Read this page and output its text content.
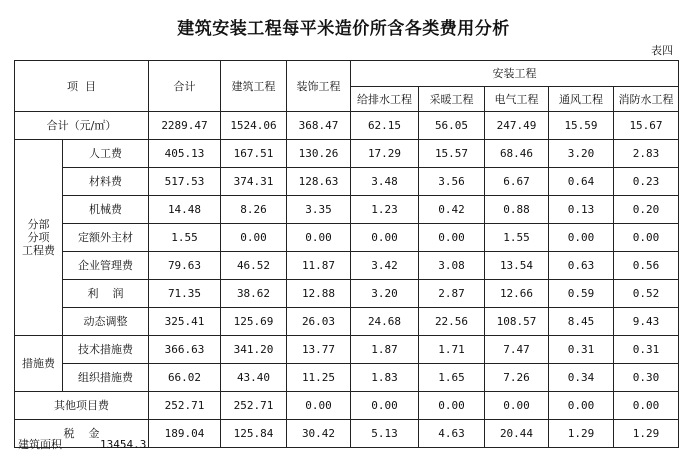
建筑安装工程每平米造价所含各类费用分析
表四
项  目		合计	建筑工程	装饰工程	安装工程				
					给排水工程	采暖工程	电气工程	通风工程	消防水工程
合计（元/㎡）		2289.47	1524.06	368.47	62.15	56.05	247.49	15.59	15.67

分部
分项
工程费	人工费	405.13	167.51	130.26	17.29	15.57	68.46	3.20	2.83
	材料费	517.53	374.31	128.63	3.48	3.56	6.67	0.64	0.23
	机械费	14.48	8.26	3.35	1.23	0.42	0.88	0.13	0.20
	定额外主材	1.55	0.00	0.00	0.00	0.00	1.55	0.00	0.00
	企业管理费	79.63	46.52	11.87	3.42	3.08	13.54	0.63	0.56
	利    润	71.35	38.62	12.88	3.20	2.87	12.66	0.59	0.52
	动态调整	325.41	125.69	26.03	24.68	22.56	108.57	8.45	9.43
措施费	技术措施费	366.63	341.20	13.77	1.87	1.71	7.47	0.31	0.31
	组织措施费	66.02	43.40	11.25	1.83	1.65	7.26	0.34	0.30
其他项目费		252.71	252.71	0.00	0.00	0.00	0.00	0.00	0.00
税    金		189.04	125.84	30.42	5.13	4.63	20.44	1.29	1.29
建筑面积	13454.3
